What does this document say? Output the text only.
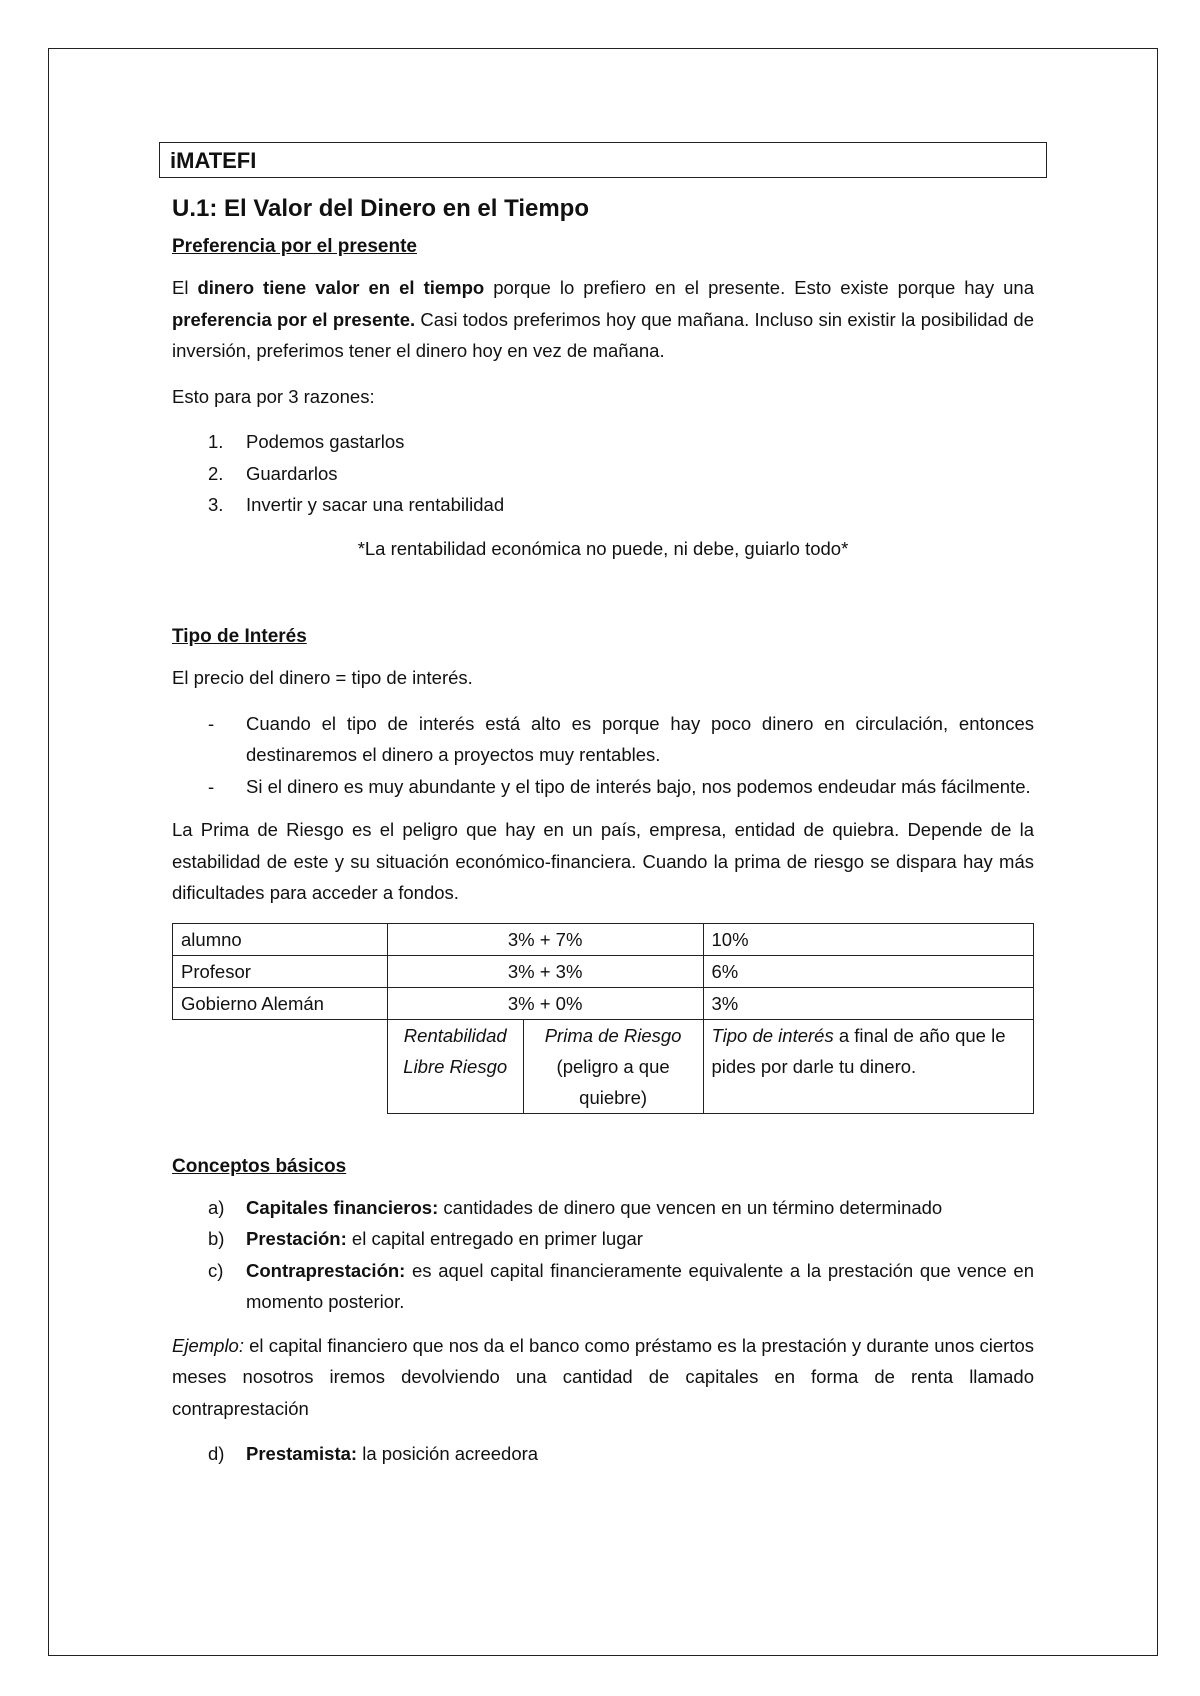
iMATEFI
U.1: El Valor del Dinero en el Tiempo
Preferencia por el presente

El dinero tiene valor en el tiempo porque lo prefiero en el presente. Esto existe porque hay una preferencia por el presente. Casi todos preferimos hoy que mañana. Incluso sin existir la posibilidad de inversión, preferimos tener el dinero hoy en vez de mañana.

Esto para por 3 razones:

1. Podemos gastarlos
2. Guardarlos
3. Invertir y sacar una rentabilidad

*La rentabilidad económica no puede, ni debe, guiarlo todo*

Tipo de Interés

El precio del dinero = tipo de interés.

- Cuando el tipo de interés está alto es porque hay poco dinero en circulación, entonces destinaremos el dinero a proyectos muy rentables.
- Si el dinero es muy abundante y el tipo de interés bajo, nos podemos endeudar más fácilmente.

La Prima de Riesgo es el peligro que hay en un país, empresa, entidad de quiebra. Depende de la estabilidad de este y su situación económico-financiera. Cuando la prima de riesgo se dispara hay más dificultades para acceder a fondos.

alumno	3% + 7%		10%
Profesor	3% + 3%		6%
Gobierno Alemán	3% + 0%		3%
	Rentabilidad Libre Riesgo	Prima de Riesgo (peligro a que quiebre)	Tipo de interés a final de año que le pides por darle tu dinero.
Conceptos básicos
a) Capitales financieros: cantidades de dinero que vencen en un término determinado
b) Prestación: el capital entregado en primer lugar
c) Contraprestación: es aquel capital financieramente equivalente a la prestación que vence en momento posterior.

Ejemplo: el capital financiero que nos da el banco como préstamo es la prestación y durante unos ciertos meses nosotros iremos devolviendo una cantidad de capitales en forma de renta llamado contraprestación

d) Prestamista: la posición acreedora
